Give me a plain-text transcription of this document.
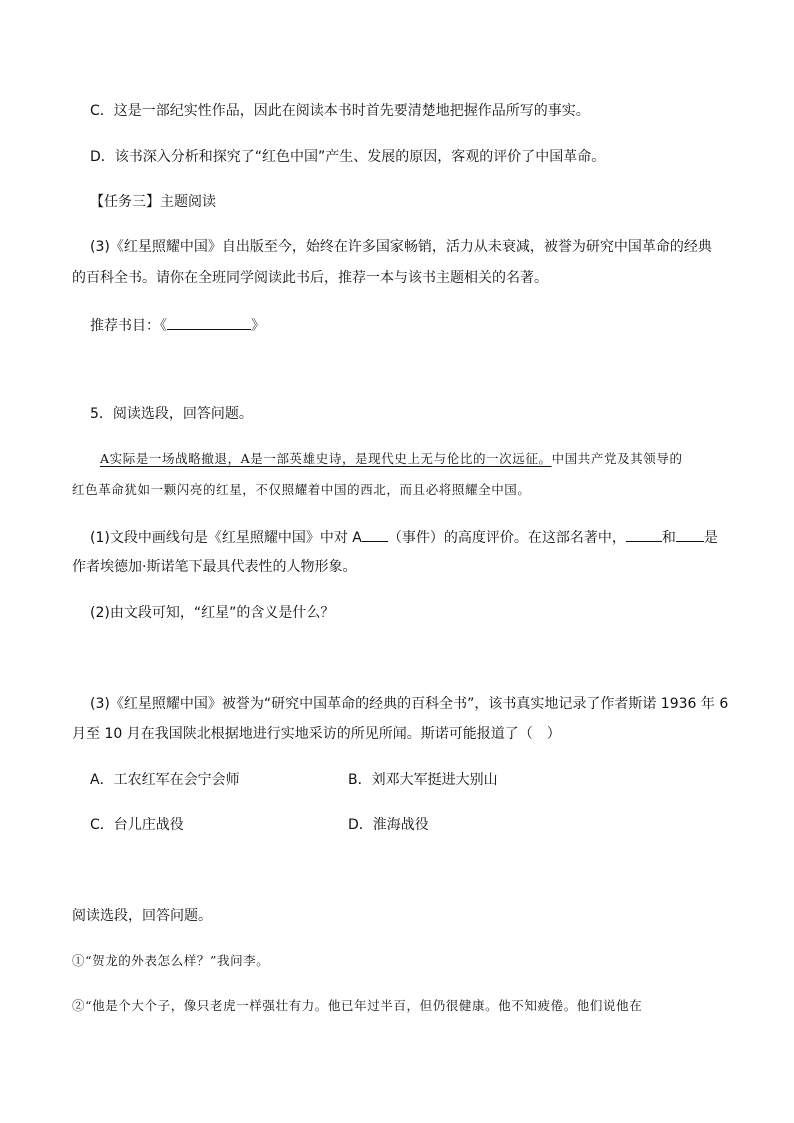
C．这是一部纪实性作品，因此在阅读本书时首先要清楚地把握作品所写的事实。
D．该书深入分析和探究了“红色中国”产生、发展的原因，客观的评价了中国革命。
【任务三】主题阅读
(3)《红星照耀中国》自出版至今，始终在许多国家畅销，活力从未衰减，被誉为研究中国革命的经典
的百科全书。请你在全班同学阅读此书后，推荐一本与该书主题相关的名著。
推荐书目：《	》
5．阅读选段，回答问题。
A实际是一场战略撤退，A是一部英雄史诗，是现代史上无与伦比的一次远征。中国共产党及其领导的
红色革命犹如一颗闪亮的红星，不仅照耀着中国的西北，而且必将照耀全中国。
(1)文段中画线句是《红星照耀中国》中对 A （事件）的高度评价。在这部名著中，	和 是
作者埃德加·斯诺笔下最具代表性的人物形象。
(2)由文段可知，“红星”的含义是什么？
(3)《红星照耀中国》被誉为“研究中国革命的经典的百科全书”，该书真实地记录了作者斯诺 1936 年 6
月至 10 月在我国陕北根据地进行实地采访的所见所闻。斯诺可能报道了（　）
A．工农红军在会宁会师	B．刘邓大军挺进大别山
C．台儿庄战役	D．淮海战役
阅读选段，回答问题。
①“贺龙的外表怎么样？”我问李。
②“他是个大个子，像只老虎一样强壮有力。他已年过半百，但仍很健康。他不知疲倦。他们说他在
